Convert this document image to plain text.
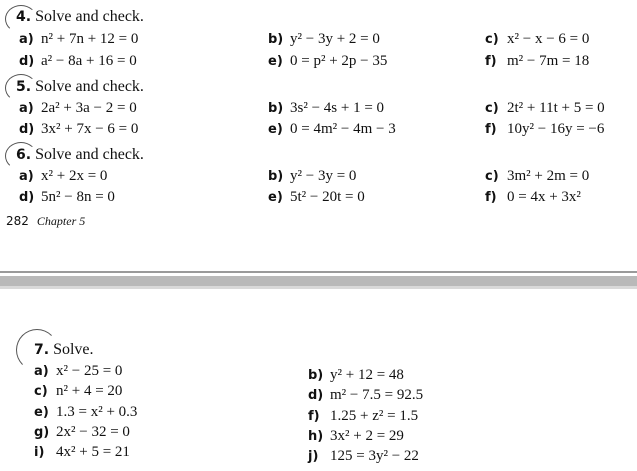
4. Solve and check.
a) n² + 7n + 12 = 0	b) y² − 3y + 2 = 0	c) x² − x − 6 = 0
d) a² − 8a + 16 = 0	e) 0 = p² + 2p − 35	f) m² − 7m = 18
5. Solve and check.
a) 2a² + 3a − 2 = 0	b) 3s² − 4s + 1 = 0	c) 2t² + 11t + 5 = 0
d) 3x² + 7x − 6 = 0	e) 0 = 4m² − 4m − 3	f) 10y² − 16y = −6
6. Solve and check.
a) x² + 2x = 0	b) y² − 3y = 0	c) 3m² + 2m = 0
d) 5n² − 8n = 0	e) 5t² − 20t = 0	f) 0 = 4x + 3x²
282 Chapter 5
7. Solve.
a) x² − 25 = 0	b) y² + 12 = 48
c) n² + 4 = 20	d) m² − 7.5 = 92.5
e) 1.3 = x² + 0.3	f) 1.25 + z² = 1.5
g) 2x² − 32 = 0	h) 3x² + 2 = 29
i) 4x² + 5 = 21	j) 125 = 3y² − 22
